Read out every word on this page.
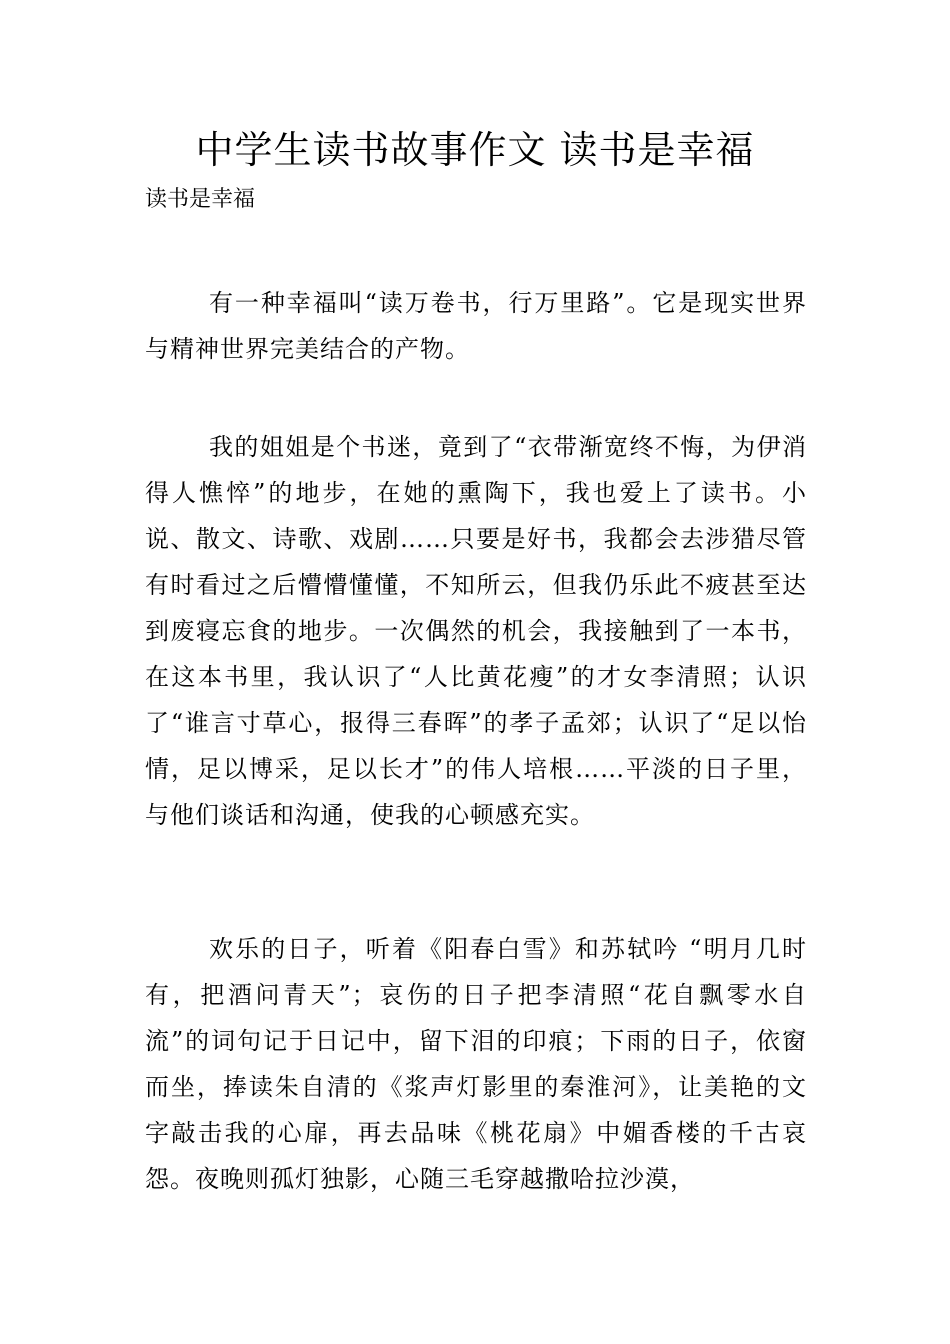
中学生读书故事作文 读书是幸福

读书是幸福

有一种幸福叫“读万卷书，行万里路”。它是现实世界与精神世界完美结合的产物。

我的姐姐是个书迷，竟到了“衣带渐宽终不悔，为伊消得人憔悴”的地步，在她的熏陶下，我也爱上了读书。小说、散文、诗歌、戏剧……只要是好书，我都会去涉猎尽管有时看过之后懵懵懂懂，不知所云，但我仍乐此不疲甚至达到废寝忘食的地步。一次偶然的机会，我接触到了一本书，在这本书里，我认识了“人比黄花瘦”的才女李清照；认识了“谁言寸草心，报得三春晖”的孝子孟郊；认识了“足以怡情，足以博采，足以长才”的伟人培根……平淡的日子里，与他们谈话和沟通，使我的心顿感充实。

欢乐的日子，听着《阳春白雪》和苏轼吟 “明月几时有，把酒问青天”；哀伤的日子把李清照“花自飘零水自流”的词句记于日记中，留下泪的印痕；下雨的日子，依窗而坐，捧读朱自清的《浆声灯影里的秦淮河》，让美艳的文字敲击我的心扉，再去品味《桃花扇》中媚香楼的千古哀怨。夜晚则孤灯独影，心随三毛穿越撒哈拉沙漠，
